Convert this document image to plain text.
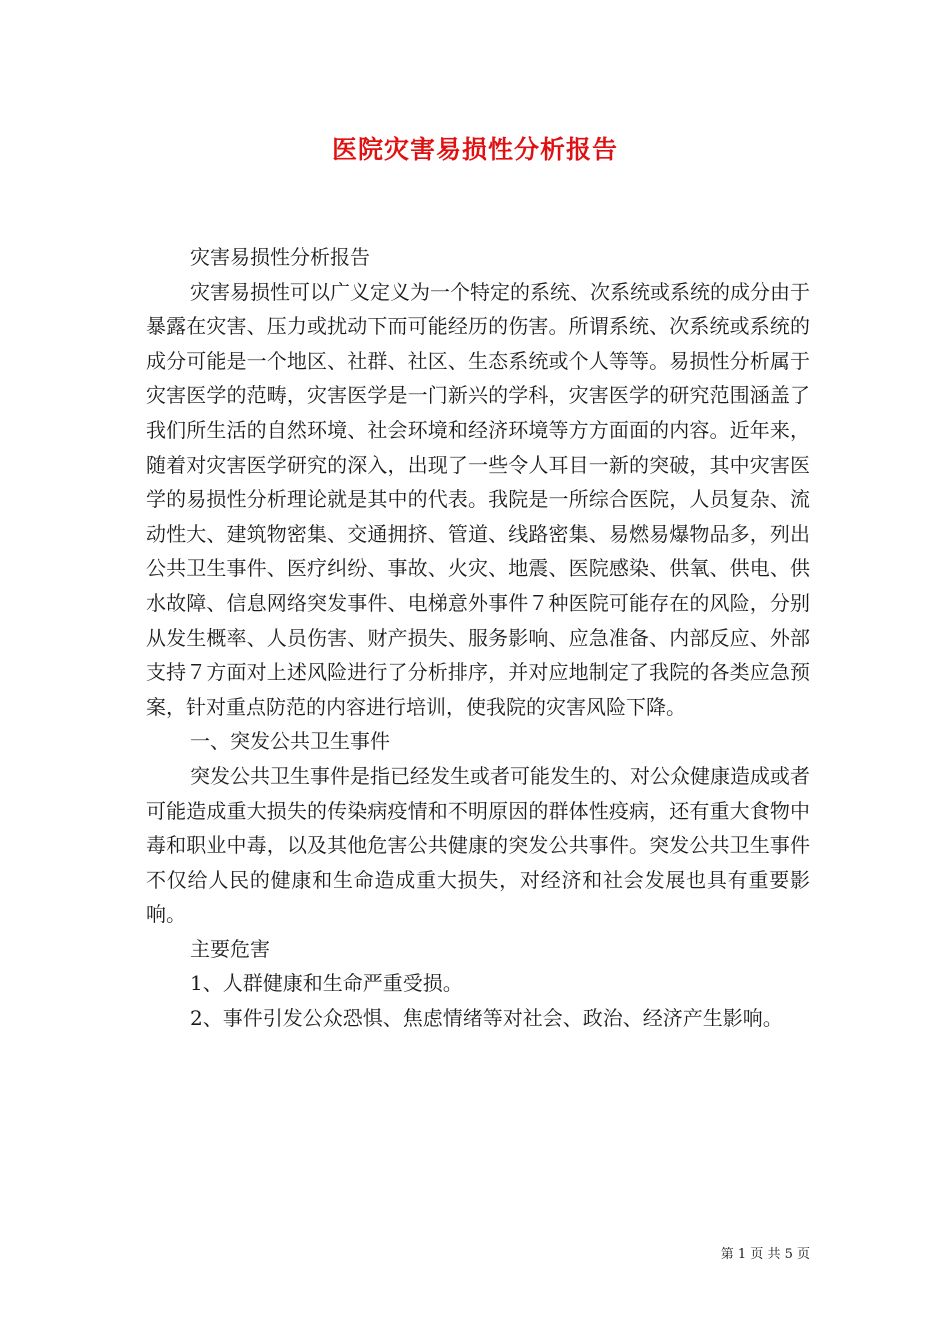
医院灾害易损性分析报告

灾害易损性分析报告

灾害易损性可以广义定义为一个特定的系统、次系统或系统的成分由于暴露在灾害、压力或扰动下而可能经历的伤害。所谓系统、次系统或系统的成分可能是一个地区、社群、社区、生态系统或个人等等。易损性分析属于灾害医学的范畴，灾害医学是一门新兴的学科，灾害医学的研究范围涵盖了我们所生活的自然环境、社会环境和经济环境等方方面面的内容。近年来，随着对灾害医学研究的深入，出现了一些令人耳目一新的突破，其中灾害医学的易损性分析理论就是其中的代表。我院是一所综合医院，人员复杂、流动性大、建筑物密集、交通拥挤、管道、线路密集、易燃易爆物品多，列出公共卫生事件、医疗纠纷、事故、火灾、地震、医院感染、供氧、供电、供水故障、信息网络突发事件、电梯意外事件７种医院可能存在的风险，分别从发生概率、人员伤害、财产损失、服务影响、应急准备、内部反应、外部支持７方面对上述风险进行了分析排序，并对应地制定了我院的各类应急预案，针对重点防范的内容进行培训，使我院的灾害风险下降。

一、突发公共卫生事件

突发公共卫生事件是指已经发生或者可能发生的、对公众健康造成或者可能造成重大损失的传染病疫情和不明原因的群体性疫病，还有重大食物中毒和职业中毒，以及其他危害公共健康的突发公共事件。突发公共卫生事件不仅给人民的健康和生命造成重大损失，对经济和社会发展也具有重要影响。

主要危害

1、人群健康和生命严重受损。

2、事件引发公众恐惧、焦虑情绪等对社会、政治、经济产生影响。

第 1 页 共 5 页
